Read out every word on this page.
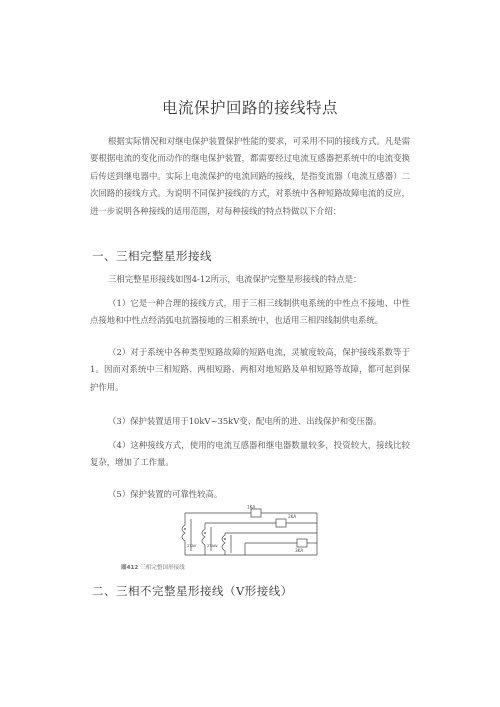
电流保护回路的接线特点

根据实际情况和对继电保护装置保护性能的要求，可采用不同的接线方式。凡是需要根据电流的变化而动作的继电保护装置，都需要经过电流互感器把系统中的电流变换后传送到继电器中。实际上电流保护的电流回路的接线，是指变流器（电流互感器）二次回路的接线方式。为说明不同保护接线的方式，对系统中各种短路故障电流的反应，进一步说明各种接线的适用范围，对每种接线的特点特做以下介绍：

一、三相完整星形接线

三相完整星形接线如图4-12所示，电流保护完整星形接线的特点是：

（1）它是一种合理的接线方式，用于三相三线制供电系统的中性点不接地、中性点接地和中性点经消弧电抗器接地的三相系统中，也适用三相四线制供电系统。

（2）对于系统中各种类型短路故障的短路电流，灵敏度较高，保护接线系数等于1。因而对系统中三相短路、两相短路、两相对地短路及单相短路等故障，都可起到保护作用。

（3）保护装置适用于10kV~35kV变、配电所的进、出线保护和变压器。

（4）这种接线方式，使用的电流互感器和继电器数量较多，投资较大，接线比较复杂，增加了工作量。

（5）保护装置的可靠性较高。

1KA
2KA
3KA
2TAV	2TAW
图412 三相完整国形接线
二、三相不完整星形接线（V形接线）
